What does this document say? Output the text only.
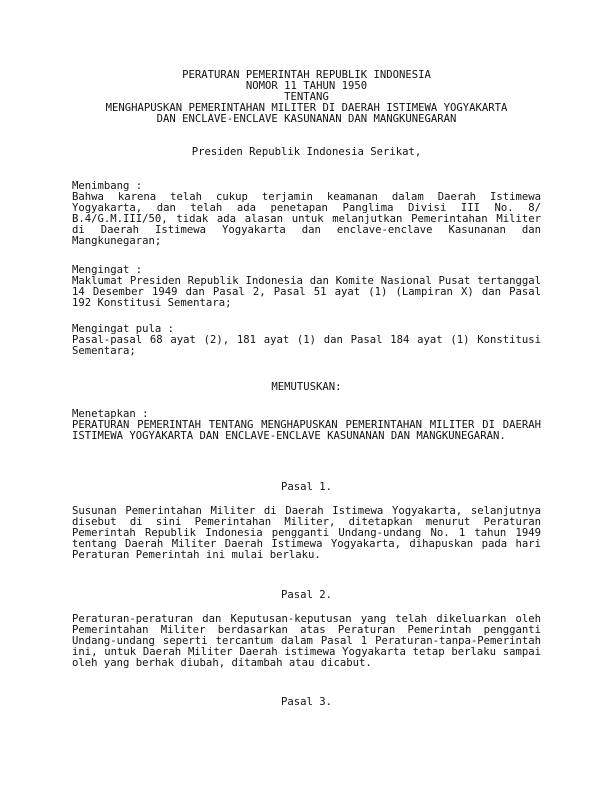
PERATURAN PEMERINTAH REPUBLIK INDONESIA
NOMOR 11 TAHUN 1950
TENTANG
MENGHAPUSKAN PEMERINTAHAN MILITER DI DAERAH ISTIMEWA YOGYAKARTA
DAN ENCLAVE-ENCLAVE KASUNANAN DAN MANGKUNEGARAN
Presiden Republik Indonesia Serikat,
Menimbang :
Bahwa karena telah cukup terjamin keamanan dalam Daerah Istimewa Yogyakarta, dan telah ada penetapan Panglima Divisi III No. 8/ B.4/G.M.III/50, tidak ada alasan untuk melanjutkan Pemerintahan Militer di Daerah Istimewa Yogyakarta dan enclave-enclave Kasunanan dan Mangkunegaran;
Mengingat :
Maklumat Presiden Republik Indonesia dan Komite Nasional Pusat tertanggal 14 Desember 1949 dan Pasal 2, Pasal 51 ayat (1) (Lampiran X) dan Pasal 192 Konstitusi Sementara;
Mengingat pula :
Pasal-pasal 68 ayat (2), 181 ayat (1) dan Pasal 184 ayat (1) Konstitusi Sementara;
MEMUTUSKAN:
Menetapkan :
PERATURAN PEMERINTAH TENTANG MENGHAPUSKAN PEMERINTAHAN MILITER DI DAERAH ISTIMEWA YOGYAKARTA DAN ENCLAVE-ENCLAVE KASUNANAN DAN MANGKUNEGARAN.
Pasal 1.
Susunan Pemerintahan Militer di Daerah Istimewa Yogyakarta, selanjutnya disebut di sini Pemerintahan Militer, ditetapkan menurut Peraturan Pemerintah Republik Indonesia pengganti Undang-undang No. 1 tahun 1949 tentang Daerah Militer Daerah Istimewa Yogyakarta, dihapuskan pada hari Peraturan Pemerintah ini mulai berlaku.
Pasal 2.
Peraturan-peraturan dan Keputusan-keputusan yang telah dikeluarkan oleh Pemerintahan Militer berdasarkan atas Peraturan Pemerintah pengganti Undang-undang seperti tercantum dalam Pasal 1 Peraturan-tanpa-Pemerintah ini, untuk Daerah Militer Daerah istimewa Yogyakarta tetap berlaku sampai oleh yang berhak diubah, ditambah atau dicabut.
Pasal 3.
